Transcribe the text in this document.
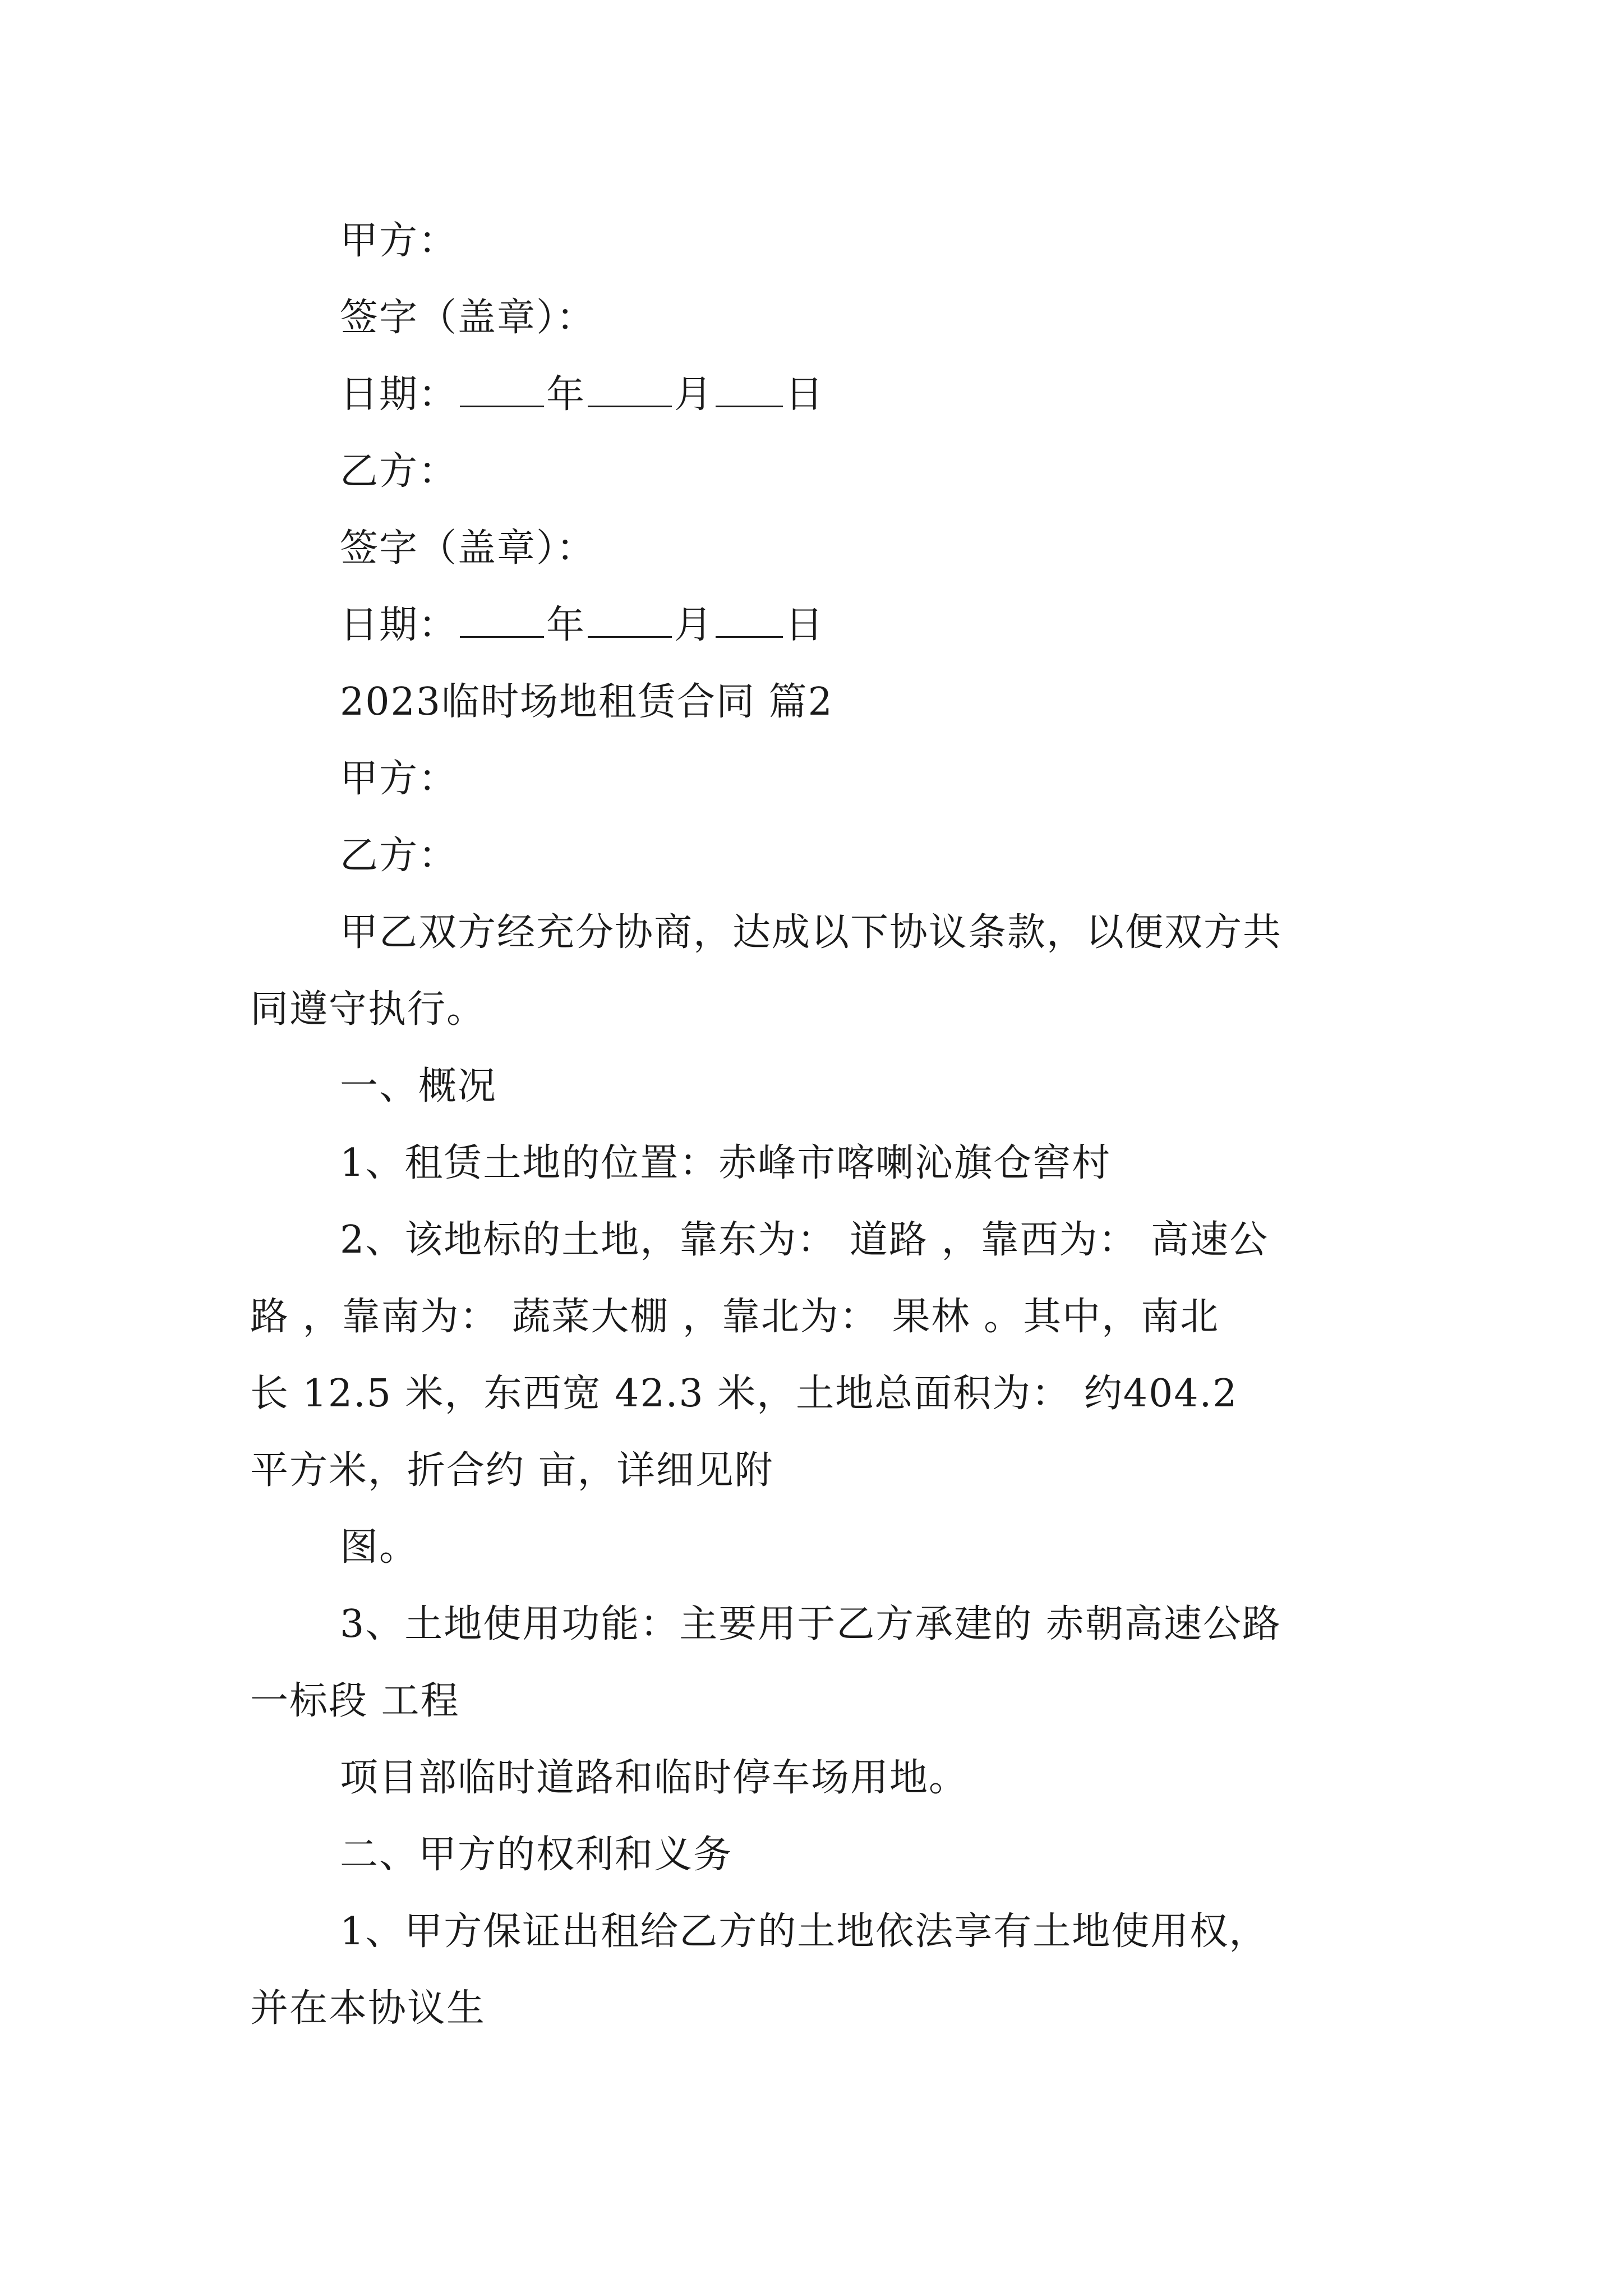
甲方：
签字（盖章）：
日期： 年 月 日
乙方：
签字（盖章）：
日期： 年 月 日
2023临时场地租赁合同 篇2
甲方：
乙方：
甲乙双方经充分协商，达成以下协议条款，以便双方共
同遵守执行。
一、概况
1、租赁土地的位置：赤峰市喀喇沁旗仓窖村
2、该地标的土地，靠东为： 道路 ，靠西为： 高速公
路 ，靠南为： 蔬菜大棚 ，靠北为： 果林 。其中，南北
长 12.5 米，东西宽 42.3 米，土地总面积为： 约404.2
平方米，折合约 亩，详细见附
图。
3、土地使用功能：主要用于乙方承建的 赤朝高速公路
一标段 工程
项目部临时道路和临时停车场用地。
二、甲方的权利和义务
1、甲方保证出租给乙方的土地依法享有土地使用权，
并在本协议生
